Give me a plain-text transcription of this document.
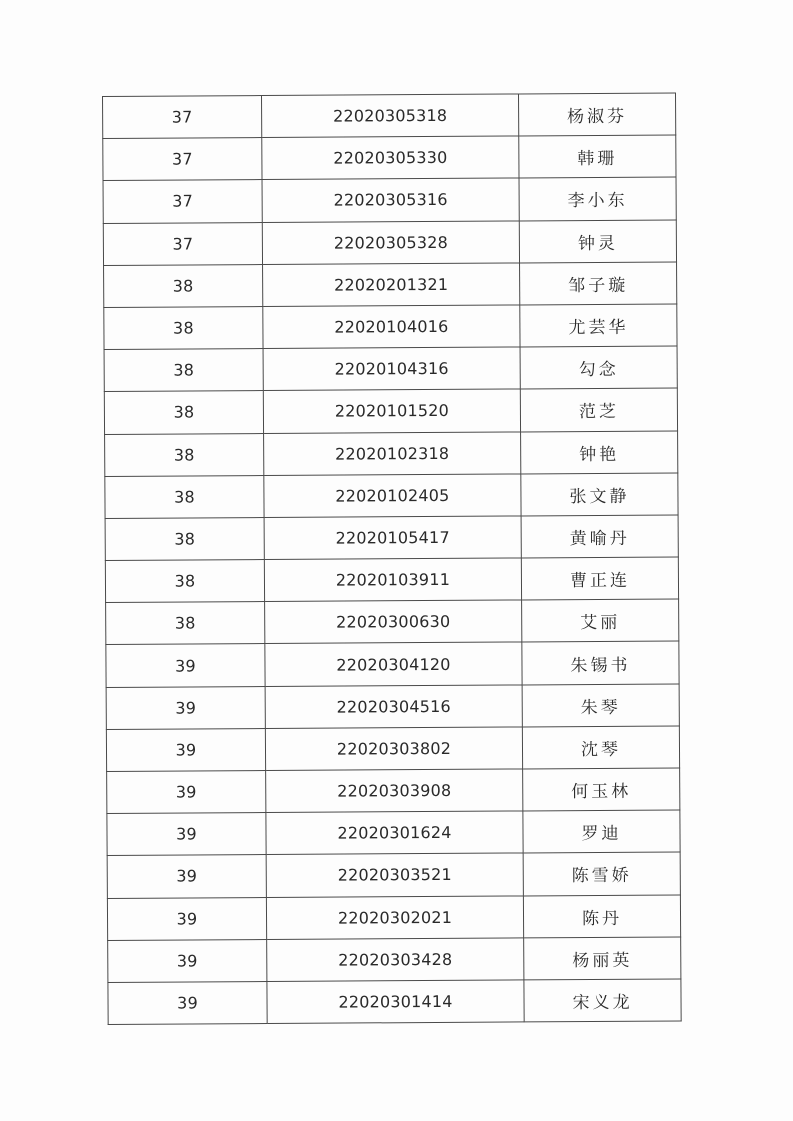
37	22020305318	杨淑芬
37	22020305330	韩珊
37	22020305316	李小东
37	22020305328	钟灵
38	22020201321	邹子璇
38	22020104016	尤芸华
38	22020104316	勾念
38	22020101520	范芝
38	22020102318	钟艳
38	22020102405	张文静
38	22020105417	黄喻丹
38	22020103911	曹正连
38	22020300630	艾丽
39	22020304120	朱锡书
39	22020304516	朱琴
39	22020303802	沈琴
39	22020303908	何玉林
39	22020301624	罗迪
39	22020303521	陈雪娇
39	22020302021	陈丹
39	22020303428	杨丽英
39	22020301414	宋义龙
